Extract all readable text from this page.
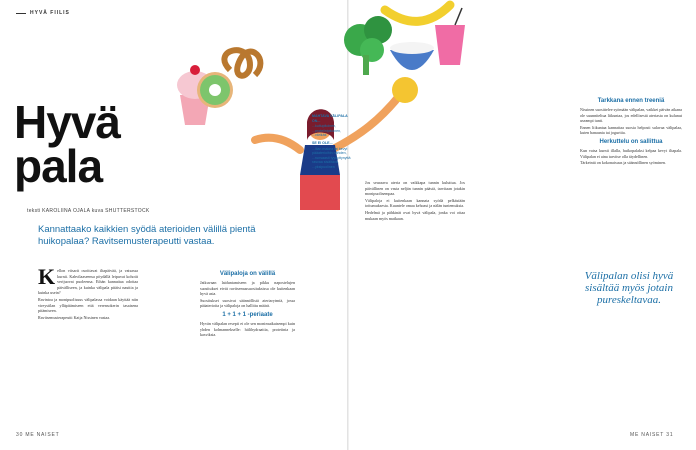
HYVÄ FIILIS
Hyvä
pala
teksti KAROLIINA OJALA kuva SHUTTERSTOCK
Kannattaako kaikkien syödä aterioiden välillä pientä huikopalaa? Ravitsemusterapeutti vastaa.

Kellon viisarit osoittavat iltapäivää, ja vatsassa kurnii. Kahvilaaseensa pöydällä leipuvat kohotit verijuovat puoleensa. Eihän kannattaa odottaa päivälliseen, ja kuinka välipala pitäisi nauttia ja kuinka usein?

Ravintoa ja monipuolisuus välipalassa voidaan käyttää niin vireystilan ylläpitämiseen että verensokerin tasaisena pitämiseen.

Ravitsemusterapeutti Katja Nissinen vastaa.

Välipaloja on välillä

Jatkuvaan laiduntamiseen ja pikku napostelujen suositukset eivät ravitsemussuosituksissa ole kuitenkaan hyvä asia.

Suositukset suosivat säännöllistä ateriarytmiä, jossa pääaterioita ja välipaloja on hallittu määrä.

1 + 1 + 1 -periaate

Hyvän välipalan resepti ei ole sen monimutkaisempi kuin yhden kolmannekselle: hiilihydraattia, proteiinia ja kasviksia.

MAHTAVA VÄLIPALA ON...
...kuitupitoinen, ...proteiinipitoinen, ...värikäs
SE EI OLE...
...liian makea tai kevyt pääaterioihin nähden, ...runsaasti tyydyttynyttä rasvaa sisältävä, ...yksipuolinen

Jos seuraava ateria on vaikkapa tunnin kuluttua. Jos päivällinen on vasta neljän tunnin päästä, tarvitaan jotakin monipuolisempaa.

Välipaloja ei kuitenkaan kannata syödä pelkästään tottumuksesta. Kuuntele omaa kehoasi ja nälän tuntemuksia.

Hedelmä ja pähkinät ovat hyvä välipala, jonka voi ottaa mukaan myös matkaan.

Tarkkana ennen treeniä

Nissinen suosittelee syömään välipalan, vaikkei päivän aikana ole suunniteltua liikuntaa, jos edellisestä ateriasta on kulunut useampi tunti.

Ennen liikuntaa kannattaa suosia helposti sulavaa välipalaa, kuten banaania tai jogurttia.

Herkuttelu on sallittua

Kun vatsa kurnii illalla, huikopalaksi kelpaa kevyt iltapala. Välipalan ei aina tarvitse olla täydellinen.

Tärkeintä on kokonaisuus ja säännöllinen syöminen.

Välipalan olisi hyvä sisältää myös jotain pureskeltavaa.
30 ME NAISET	ME NAISET 31
